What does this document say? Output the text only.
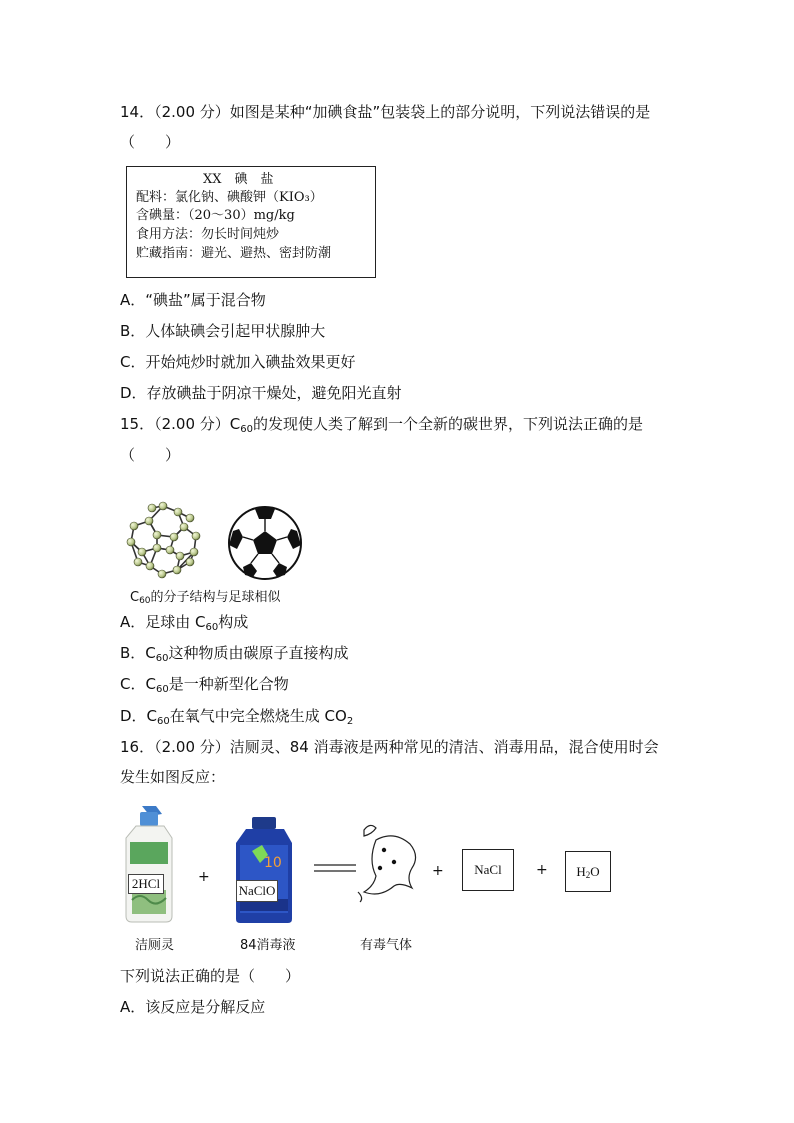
14．（2.00 分）如图是某种“加碘食盐”包装袋上的部分说明，下列说法错误的是
（　　）
XX　碘　盐
配料：氯化钠、碘酸钾（KIO₃）
含碘量：（20～30）mg/kg
食用方法：勿长时间炖炒
贮藏指南：避光、避热、密封防潮
A．“碘盐”属于混合物
B．人体缺碘会引起甲状腺肿大
C．开始炖炒时就加入碘盐效果更好
D．存放碘盐于阴凉干燥处，避免阳光直射
15．（2.00 分）$C_{60}$的发现使人类了解到一个全新的碳世界，下列说法正确的是
（　　）
C60的分子结构与足球相似
A．足球由 $C_{60}$构成
B．$C_{60}$这种物质由碳原子直接构成
C．$C_{60}$是一种新型化合物
D．$C_{60}$在氧气中完全燃烧生成 $CO_2$
16．（2.00 分）洁厕灵、84 消毒液是两种常见的清洁、消毒用品，混合使用时会
发生如图反应：
2HCl	+
10
NaClO
+	NaCl	+ H 2 O
洁厕灵	84消毒液	有毒气体
下列说法正确的是（　　）
A．该反应是分解反应
